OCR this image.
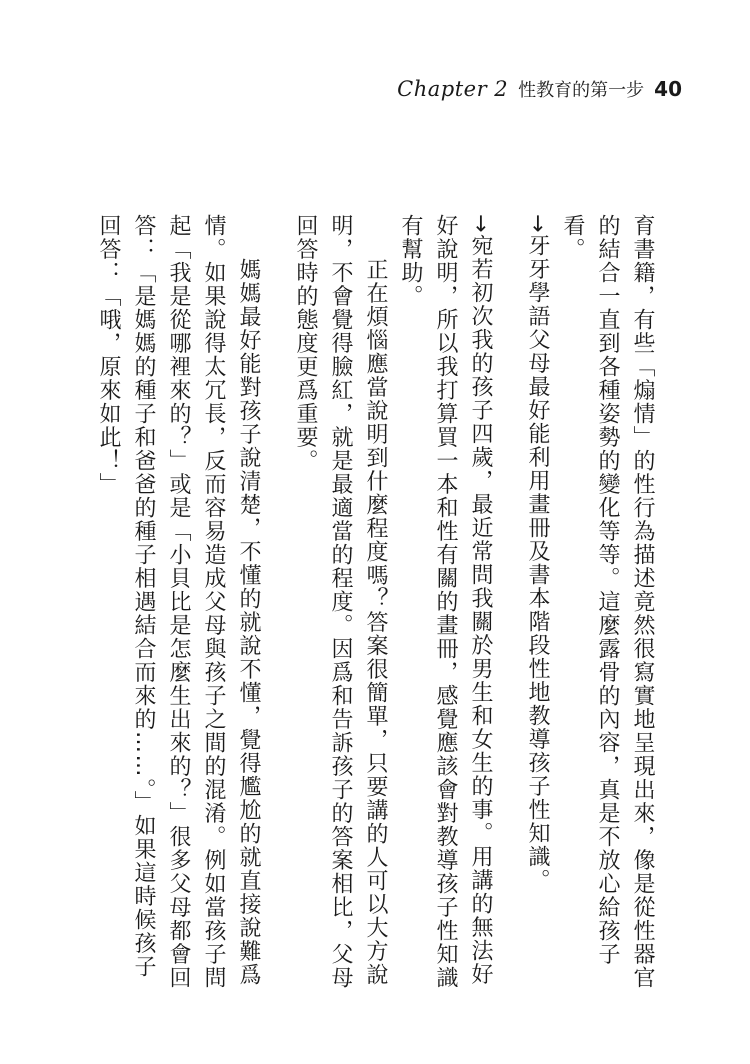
Chapter 2 性教育的第一步 40

育書籍，有些「煽情」的性行為描述竟然很寫實地呈現出來，像是從性器官的結合一直到各種姿勢的變化等等。這麼露骨的內容，真是不放心給孩子看。

→ 牙牙學語父母最好能利用畫冊及書本階段性地教導孩子性知識。

→ 宛若初次我的孩子四歲，最近常問我關於男生和女生的事。用講的無法好好說明，所以我打算買一本和性有關的畫冊，感覺應該會對教導孩子性知識有幫助。

正在煩惱應當說明到什麼程度嗎？答案很簡單，只要講的人可以大方說明，不會覺得臉紅，就是最適當的程度。因爲和告訴孩子的答案相比，父母回答時的態度更爲重要。

媽媽最好能對孩子說清楚，不懂的就說不懂，覺得尷尬的就直接說難爲情。如果說得太冗長，反而容易造成父母與孩子之間的混淆。例如當孩子問起「我是從哪裡來的？」或是「小貝比是怎麼生出來的？」很多父母都會回答：「是媽媽的種子和爸爸的種子相遇結合而來的……。」如果這時候孩子回答：「哦，原來如此！」
